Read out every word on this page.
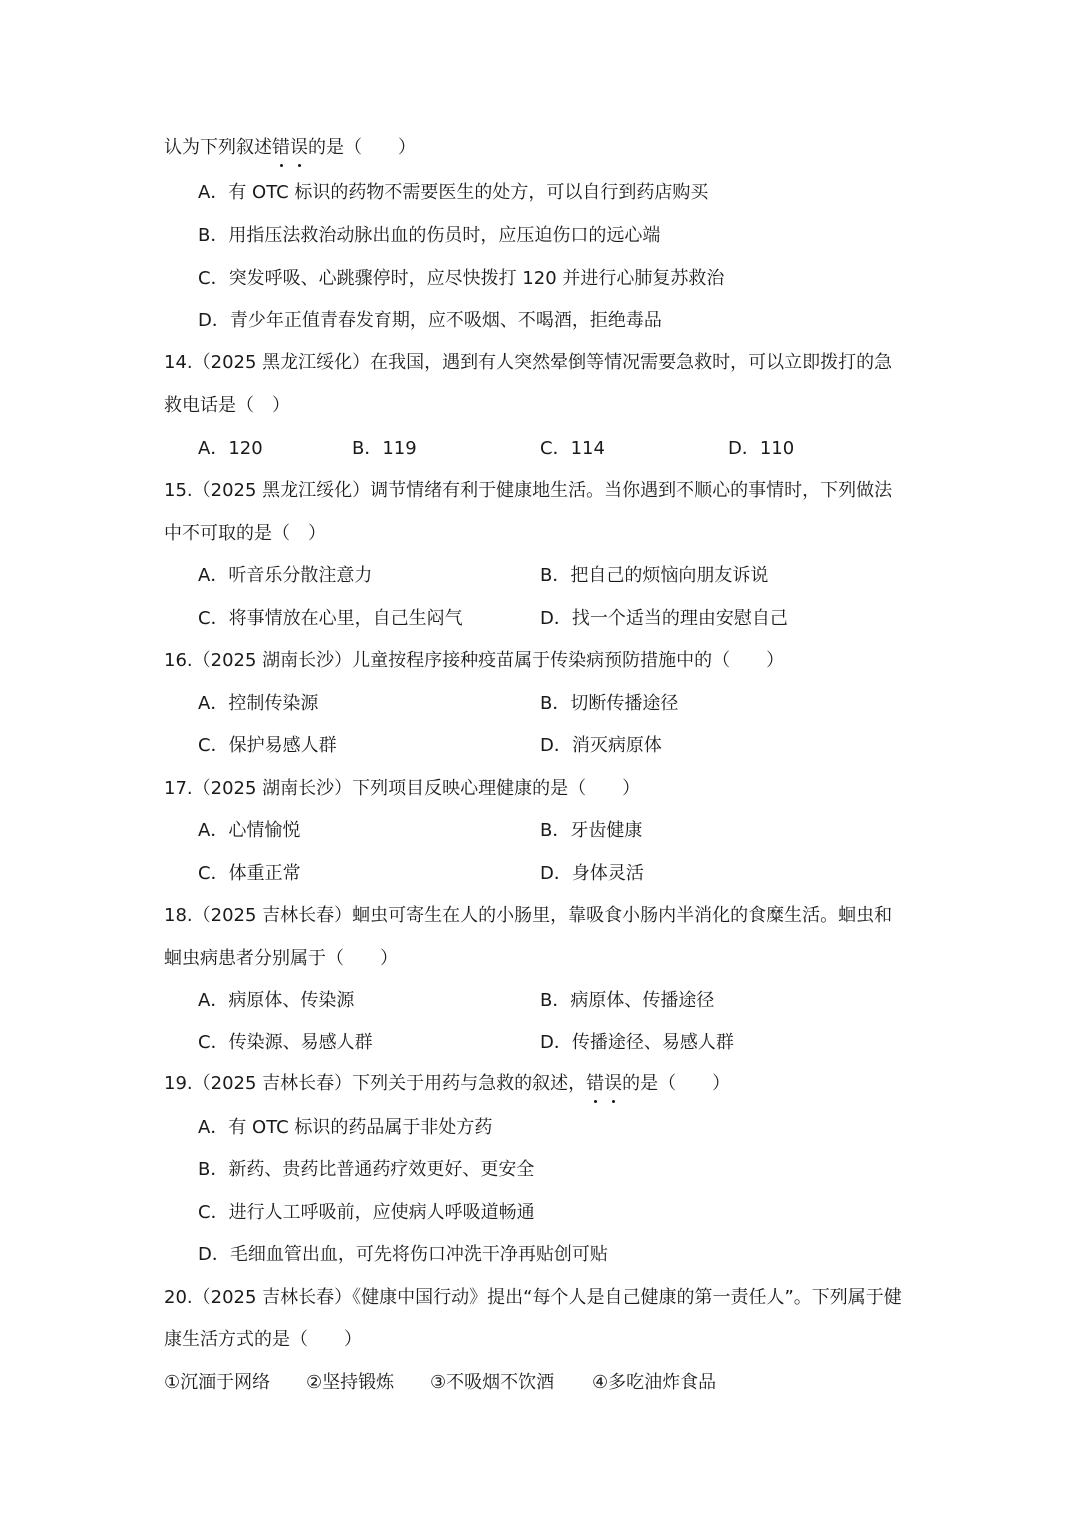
认为下列叙述错误的是（　　）
A．有 OTC 标识的药物不需要医生的处方，可以自行到药店购买
B．用指压法救治动脉出血的伤员时，应压迫伤口的远心端
C．突发呼吸、心跳骤停时，应尽快拨打 120 并进行心肺复苏救治
D．青少年正值青春发育期，应不吸烟、不喝酒，拒绝毒品
14.（2025 黑龙江绥化）在我国，遇到有人突然晕倒等情况需要急救时，可以立即拨打的急
救电话是（　）
A．120	B．119	C．114	D．110
15.（2025 黑龙江绥化）调节情绪有利于健康地生活。当你遇到不顺心的事情时，下列做法
中不可取的是（　）
A．听音乐分散注意力	B．把自己的烦恼向朋友诉说
C．将事情放在心里，自己生闷气	D．找一个适当的理由安慰自己
16.（2025 湖南长沙）儿童按程序接种疫苗属于传染病预防措施中的（　　）
A．控制传染源	B．切断传播途径
C．保护易感人群	D．消灭病原体
17.（2025 湖南长沙）下列项目反映心理健康的是（　　）
A．心情愉悦	B．牙齿健康
C．体重正常	D．身体灵活
18.（2025 吉林长春）蛔虫可寄生在人的小肠里，靠吸食小肠内半消化的食糜生活。蛔虫和
蛔虫病患者分别属于（　　）
A．病原体、传染源	B．病原体、传播途径
C．传染源、易感人群	D．传播途径、易感人群
19.（2025 吉林长春）下列关于用药与急救的叙述，错误的是（　　）
A．有 OTC 标识的药品属于非处方药
B．新药、贵药比普通药疗效更好、更安全
C．进行人工呼吸前，应使病人呼吸道畅通
D．毛细血管出血，可先将伤口冲洗干净再贴创可贴
20.（2025 吉林长春）《健康中国行动》提出“每个人是自己健康的第一责任人”。下列属于健
康生活方式的是（　　）
①沉湎于网络 ②坚持锻炼 ③不吸烟不饮酒 ④多吃油炸食品
